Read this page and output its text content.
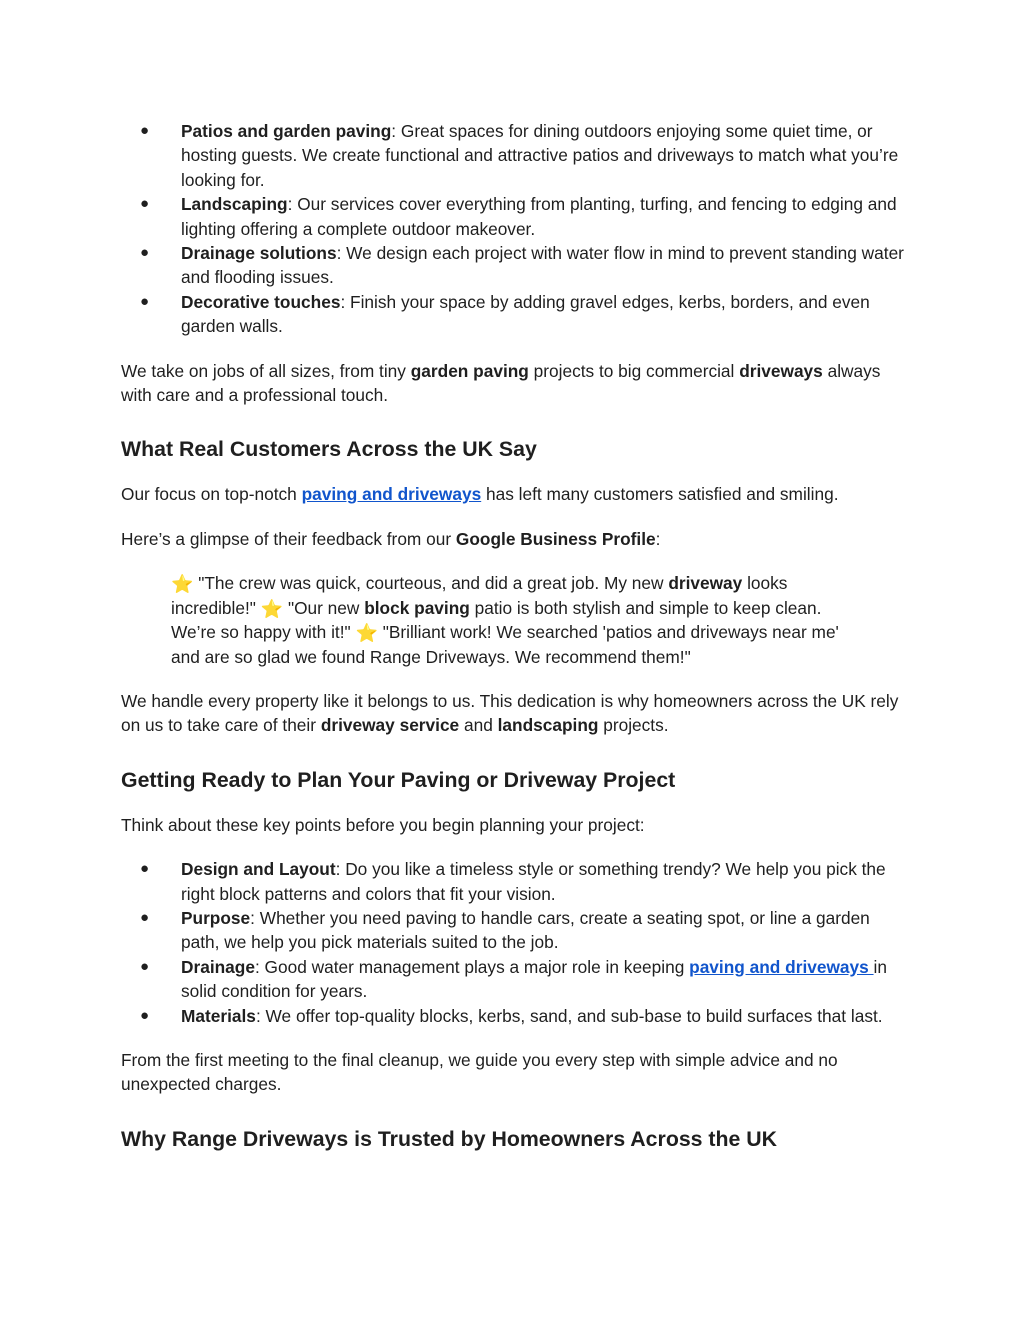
● Patios and garden paving: Great spaces for dining outdoors enjoying some quiet time, or hosting guests. We create functional and attractive patios and driveways to match what you’re looking for.
● Landscaping: Our services cover everything from planting, turfing, and fencing to edging and lighting offering a complete outdoor makeover.
● Drainage solutions: We design each project with water flow in mind to prevent standing water and flooding issues.
● Decorative touches: Finish your space by adding gravel edges, kerbs, borders, and even garden walls.

We take on jobs of all sizes, from tiny garden paving projects to big commercial driveways always with care and a professional touch.

What Real Customers Across the UK Say

Our focus on top-notch paving and driveways has left many customers satisfied and smiling.

Here’s a glimpse of their feedback from our Google Business Profile:

⭐ "The crew was quick, courteous, and did a great job. My new driveway looks incredible!" ⭐ "Our new block paving patio is both stylish and simple to keep clean. We’re so happy with it!" ⭐ "Brilliant work! We searched 'patios and driveways near me' and are so glad we found Range Driveways. We recommend them!"

We handle every property like it belongs to us. This dedication is why homeowners across the UK rely on us to take care of their driveway service and landscaping projects.

Getting Ready to Plan Your Paving or Driveway Project

Think about these key points before you begin planning your project:

● Design and Layout: Do you like a timeless style or something trendy? We help you pick the right block patterns and colors that fit your vision.
● Purpose: Whether you need paving to handle cars, create a seating spot, or line a garden path, we help you pick materials suited to the job.
● Drainage: Good water management plays a major role in keeping paving and driveways in solid condition for years.
● Materials: We offer top-quality blocks, kerbs, sand, and sub-base to build surfaces that last.

From the first meeting to the final cleanup, we guide you every step with simple advice and no unexpected charges.

Why Range Driveways is Trusted by Homeowners Across the UK
